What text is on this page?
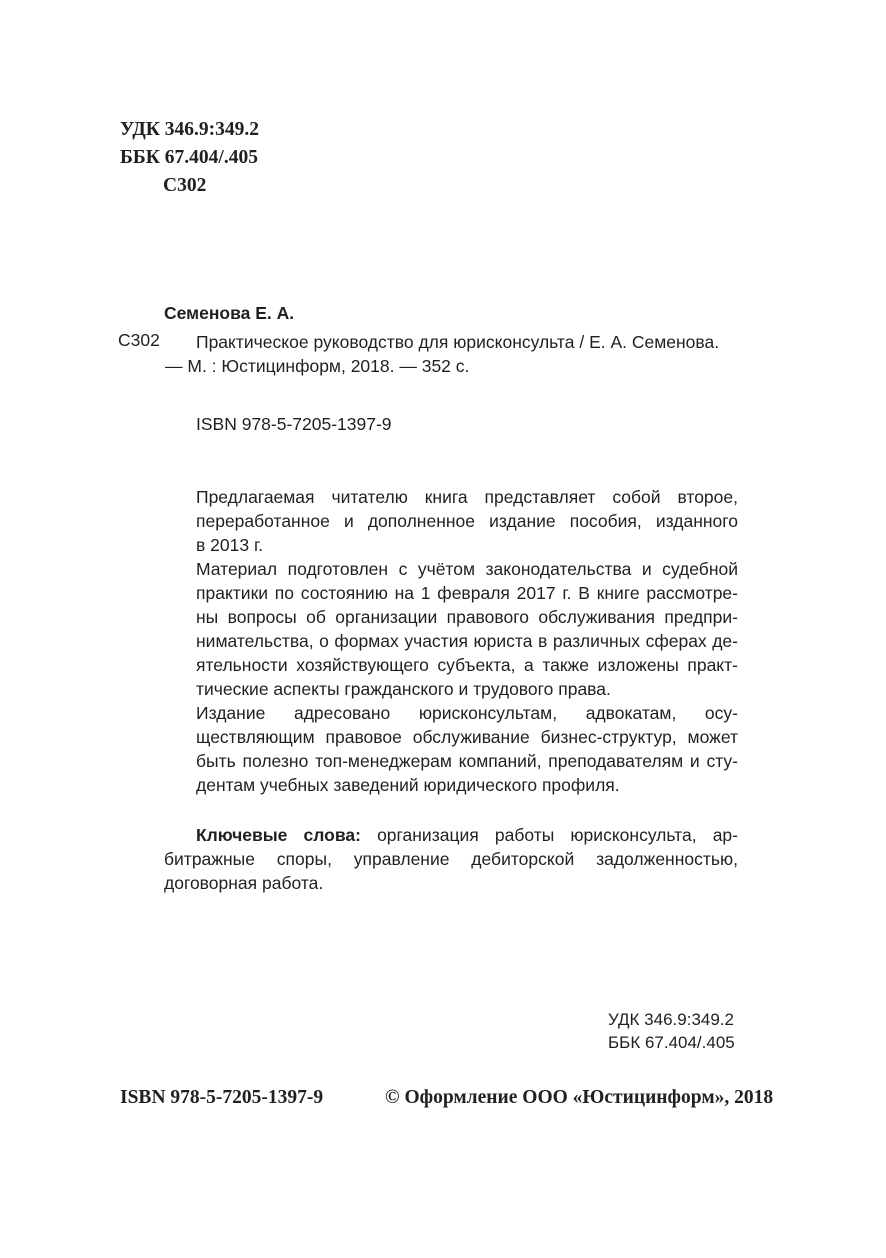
УДК 346.9:349.2
ББК 67.404/.405
С302
Семенова Е. А.
С302 Практическое руководство для юрисконсульта / Е. А. Семенова.
— М. : Юстицинформ, 2018. — 352 с.
ISBN 978-5-7205-1397-9

Предлагаемая читателю книга представляет собой второе,
переработанное и дополненное издание пособия, изданного
в 2013 г.

Материал подготовлен с учётом законодательства и судебной
практики по состоянию на 1 февраля 2017 г. В книге рассмотре-
ны вопросы об организации правового обслуживания предпри-
нимательства, о формах участия юриста в различных сферах де-
ятельности хозяйствующего субъекта, а также изложены практ-
тические аспекты гражданского и трудового права.

Издание адресовано юрисконсультам, адвокатам, осу-
ществляющим правовое обслуживание бизнес-структур, может
быть полезно топ-менеджерам компаний, преподавателям и сту-
дентам учебных заведений юридического профиля.

Ключевые слова: организация работы юрисконсульта, ар-
битражные споры, управление дебиторской задолженностью,
договорная работа.
УДК 346.9:349.2
ББК 67.404/.405
ISBN 978-5-7205-1397-9	© Оформление ООО «Юстицинформ», 2018
